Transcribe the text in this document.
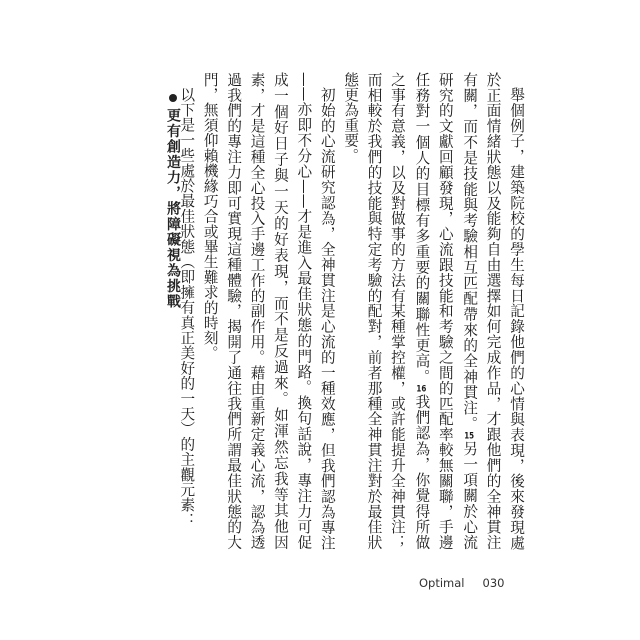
舉個例子，建築院校的學生每日記錄他們的心情與表現，後來發現處於正面情緒狀態以及能夠自由選擇如何完成作品，才跟他們的全神貫注有關，而不是技能與考驗相互匹配帶來的全神貫注。15另一項關於心流研究的文獻回顧發現，心流跟技能和考驗之間的匹配率較無關聯，手邊任務對一個人的目標有多重要的關聯性更高。16我們認為，你覺得所做之事有意義，以及對做事的方法有某種掌控權，或許能提升全神貫注；而相較於我們的技能與特定考驗的配對，前者那種全神貫注對於最佳狀態更為重要。

初始的心流研究認為，全神貫注是心流的一種效應，但我們認為專注——亦即不分心——才是進入最佳狀態的門路。換句話說，專注力可促成一個好日子與一天的好表現，而不是反過來。如渾然忘我等其他因素，才是這種全心投入手邊工作的副作用。藉由重新定義心流，認為透過我們的專注力即可實現這種體驗，揭開了通往我們所謂最佳狀態的大門，無須仰賴機緣巧合或畢生難求的時刻。

以下是一些處於最佳狀態（即擁有真正美好的一天）的主觀元素：

更有創造力，將障礙視為挑戰
Optimal 030
